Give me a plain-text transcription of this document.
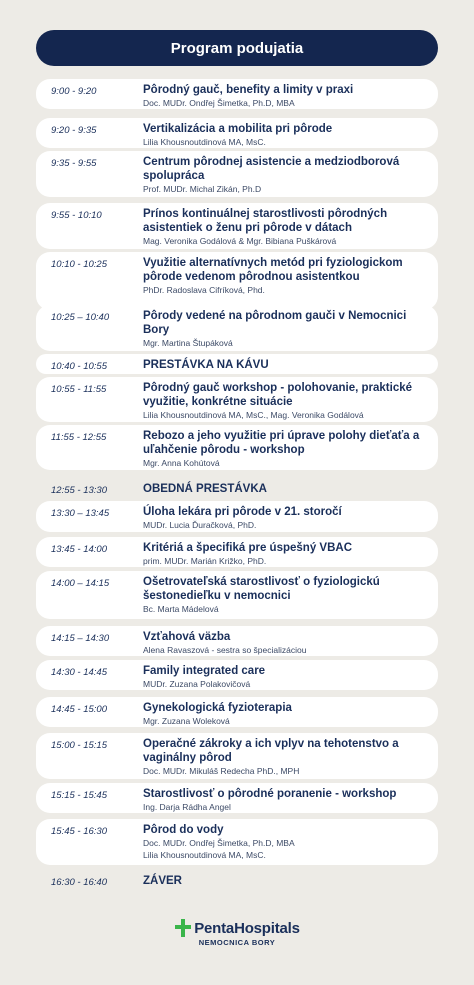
Program podujatia
9:00 - 9:20	Pôrodný gauč, benefity a limity v praxi
Doc. MUDr. Ondřej Šimetka, Ph.D, MBA
9:20 - 9:35	Vertikalizácia a mobilita pri pôrode
Lilia Khousnoutdinová MA, MsC.
9:35 - 9:55	Centrum pôrodnej asistencie a medziodborová spolupráca
Prof. MUDr. Michal Zikán, Ph.D
9:55 - 10:10	Prínos kontinuálnej starostlivosti pôrodných asistentiek o ženu pri pôrode v dátach
Mag. Veronika Godálová & Mgr. Bibiana Puškárová
10:10 - 10:25	Využitie alternatívnych metód pri fyziologickom pôrode vedenom pôrodnou asistentkou
PhDr. Radoslava Cifríková, Phd.
10:25 – 10:40	Pôrody vedené na pôrodnom gauči v Nemocnici Bory
Mgr. Martina Štupáková
10:40 - 10:55	PRESTÁVKA NA KÁVU
10:55 - 11:55	Pôrodný gauč workshop - polohovanie, praktické využitie, konkrétne situácie
Lilia Khousnoutdinová MA, MsC., Mag. Veronika Godálová
11:55 - 12:55	Rebozo a jeho využitie pri úprave polohy dieťaťa a uľahčenie pôrodu - workshop
Mgr. Anna Kohútová
12:55 - 13:30	OBEDNÁ PRESTÁVKA
13:30 – 13:45	Úloha lekára pri pôrode v 21. storočí
MUDr. Lucia Ďuračková, PhD.
13:45 - 14:00	Kritériá a špecifiká pre úspešný VBAC
prim. MUDr. Marián Križko, PhD.
14:00 – 14:15	Ošetrovateľská starostlivosť o fyziologickú šestonedieľku v nemocnici
Bc. Marta Mádelová
14:15 – 14:30	Vzťahová väzba
Alena Ravaszová - sestra so špecializáciou
14:30 - 14:45	Family integrated care
MUDr. Zuzana Polakovičová
14:45 - 15:00	Gynekologická fyzioterapia
Mgr. Zuzana Woleková
15:00 - 15:15	Operačné zákroky a ich vplyv na tehotenstvo a vaginálny pôrod
Doc. MUDr. Mikuláš Redecha PhD., MPH
15:15 - 15:45	Starostlivosť o pôrodné poranenie - workshop
Ing. Darja Rádha Angel
15:45 - 16:30	Pôrod do vody
Doc. MUDr. Ondřej Šimetka, Ph.D, MBA
Lilia Khousnoutdinová MA, MsC.
16:30 - 16:40	ZÁVER
PentaHospitals
NEMOCNICA BORY
